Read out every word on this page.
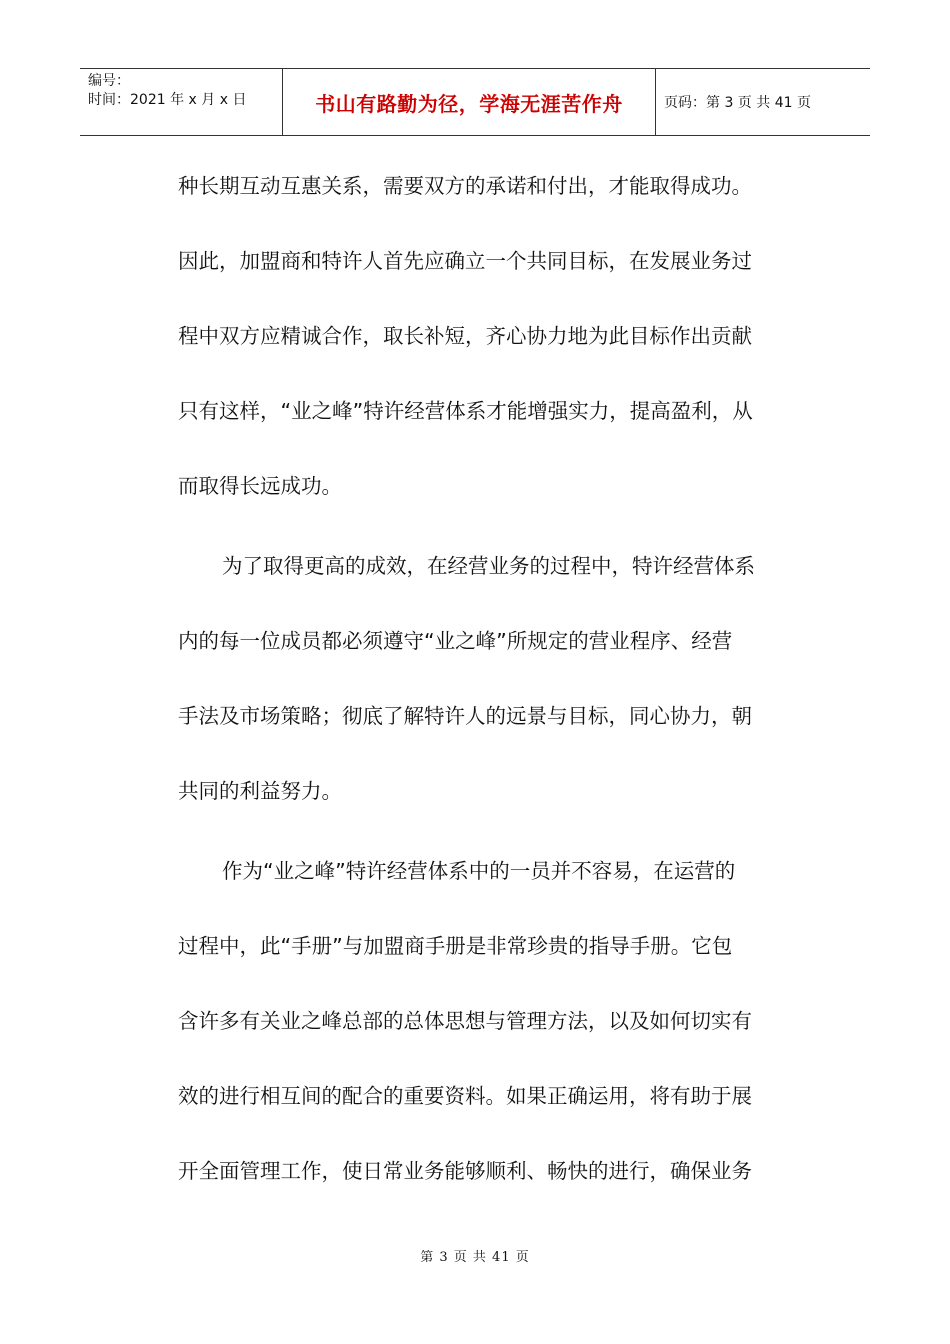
编号：
时间：2021 年 x 月 x 日	书山有路勤为径，学海无涯苦作舟	页码：第 3 页 共 41 页
种长期互动互惠关系，需要双方的承诺和付出，才能取得成功。
因此，加盟商和特许人首先应确立一个共同目标，在发展业务过
程中双方应精诚合作，取长补短，齐心协力地为此目标作出贡献
只有这样，“业之峰”特许经营体系才能增强实力，提高盈利，从
而取得长远成功。
为了取得更高的成效，在经营业务的过程中，特许经营体系
内的每一位成员都必须遵守“业之峰”所规定的营业程序、经营
手法及市场策略；彻底了解特许人的远景与目标，同心协力，朝
共同的利益努力。
作为“业之峰”特许经营体系中的一员并不容易，在运营的
过程中，此“手册”与加盟商手册是非常珍贵的指导手册。它包
含许多有关业之峰总部的总体思想与管理方法，以及如何切实有
效的进行相互间的配合的重要资料。如果正确运用，将有助于展
开全面管理工作，使日常业务能够顺利、畅快的进行，确保业务
第 3 页 共 41 页
